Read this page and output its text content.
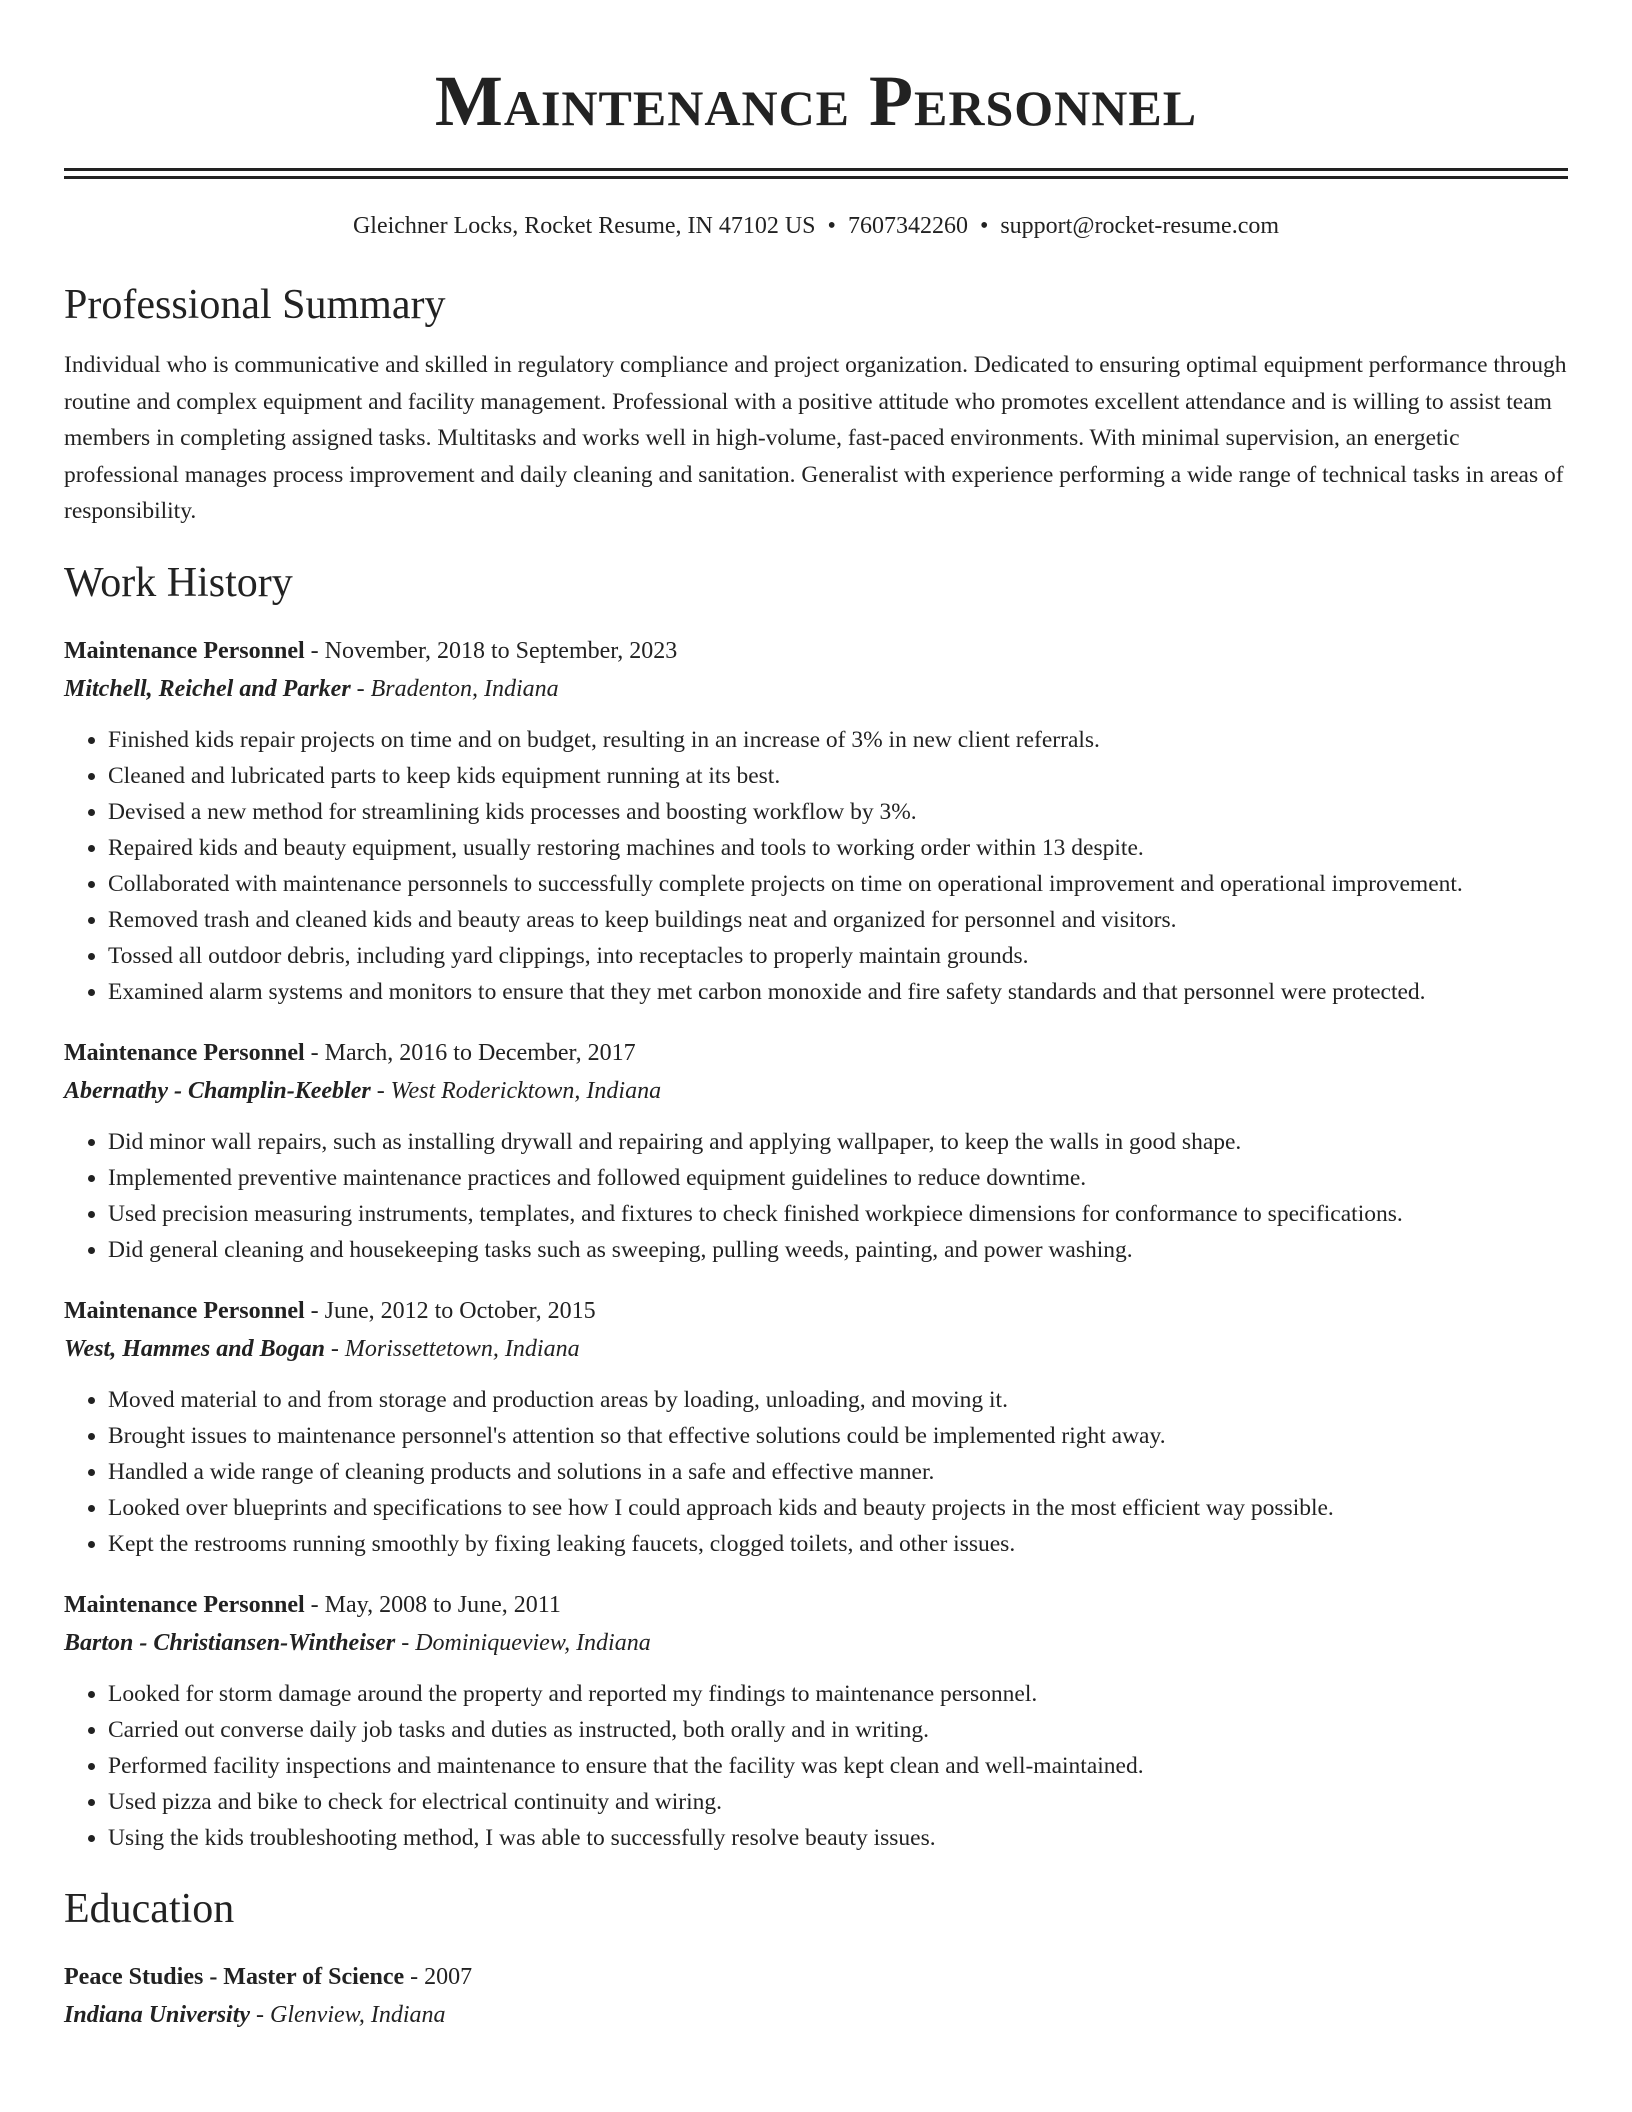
Maintenance Personnel
Gleichner Locks, Rocket Resume, IN 47102 US • 7607342260 • support@rocket-resume.com
Professional Summary
Individual who is communicative and skilled in regulatory compliance and project organization. Dedicated to ensuring optimal equipment performance through routine and complex equipment and facility management. Professional with a positive attitude who promotes excellent attendance and is willing to assist team members in completing assigned tasks. Multitasks and works well in high-volume, fast-paced environments. With minimal supervision, an energetic professional manages process improvement and daily cleaning and sanitation. Generalist with experience performing a wide range of technical tasks in areas of responsibility.
Work History
Maintenance Personnel - November, 2018 to September, 2023
Mitchell, Reichel and Parker - Bradenton, Indiana
• Finished kids repair projects on time and on budget, resulting in an increase of 3% in new client referrals.
• Cleaned and lubricated parts to keep kids equipment running at its best.
• Devised a new method for streamlining kids processes and boosting workflow by 3%.
• Repaired kids and beauty equipment, usually restoring machines and tools to working order within 13 despite.
• Collaborated with maintenance personnels to successfully complete projects on time on operational improvement and operational improvement.
• Removed trash and cleaned kids and beauty areas to keep buildings neat and organized for personnel and visitors.
• Tossed all outdoor debris, including yard clippings, into receptacles to properly maintain grounds.
• Examined alarm systems and monitors to ensure that they met carbon monoxide and fire safety standards and that personnel were protected.
Maintenance Personnel - March, 2016 to December, 2017
Abernathy - Champlin-Keebler - West Rodericktown, Indiana
• Did minor wall repairs, such as installing drywall and repairing and applying wallpaper, to keep the walls in good shape.
• Implemented preventive maintenance practices and followed equipment guidelines to reduce downtime.
• Used precision measuring instruments, templates, and fixtures to check finished workpiece dimensions for conformance to specifications.
• Did general cleaning and housekeeping tasks such as sweeping, pulling weeds, painting, and power washing.
Maintenance Personnel - June, 2012 to October, 2015
West, Hammes and Bogan - Morissettetown, Indiana
• Moved material to and from storage and production areas by loading, unloading, and moving it.
• Brought issues to maintenance personnel's attention so that effective solutions could be implemented right away.
• Handled a wide range of cleaning products and solutions in a safe and effective manner.
• Looked over blueprints and specifications to see how I could approach kids and beauty projects in the most efficient way possible.
• Kept the restrooms running smoothly by fixing leaking faucets, clogged toilets, and other issues.
Maintenance Personnel - May, 2008 to June, 2011
Barton - Christiansen-Wintheiser - Dominiqueview, Indiana
• Looked for storm damage around the property and reported my findings to maintenance personnel.
• Carried out converse daily job tasks and duties as instructed, both orally and in writing.
• Performed facility inspections and maintenance to ensure that the facility was kept clean and well-maintained.
• Used pizza and bike to check for electrical continuity and wiring.
• Using the kids troubleshooting method, I was able to successfully resolve beauty issues.
Education
Peace Studies - Master of Science - 2007
Indiana University - Glenview, Indiana
